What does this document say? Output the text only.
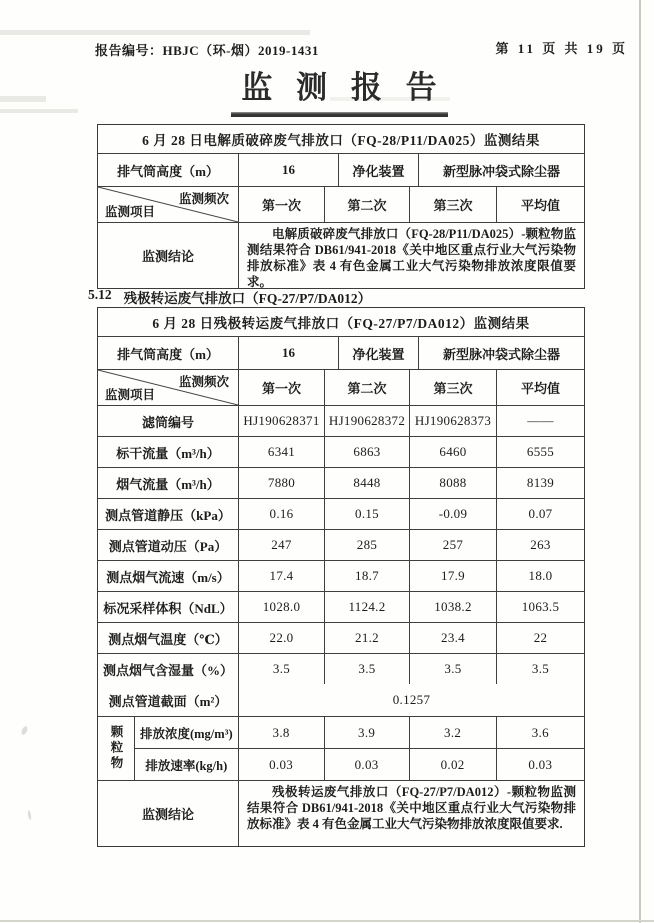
报告编号：HBJC（环-烟）2019-1431	第 11 页 共 19 页
监 测 报 告
6 月 28 日电解质破碎废气排放口（FQ-28/P11/DA025）监测结果
排气筒高度（m）	16	净化装置	新型脉冲袋式除尘器
监测频次
监测项目	第一次	第二次	第三次	平均值
监测结论
电解质破碎废气排放口（FQ-28/P11/DA025）-颗粒物监测结果符合 DB61/941-2018《关中地区重点行业大气污染物排放标准》表 4 有色金属工业大气污染物排放浓度限值要求。
5.12 残极转运废气排放口（FQ-27/P7/DA012）
6 月 28 日残极转运废气排放口（FQ-27/P7/DA012）监测结果
排气筒高度（m）	16	净化装置	新型脉冲袋式除尘器
监测频次
监测项目	第一次	第二次	第三次	平均值
滤筒编号	HJ190628371 HJ190628372 HJ190628373	——
标干流量（m³/h）	6341	6863	6460	6555
烟气流量（m³/h）	7880	8448	8088	8139
测点管道静压（kPa）	0.16	0.15	-0.09	0.07
测点管道动压（Pa）	247	285	257	263
测点烟气流速（m/s）	17.4	18.7	17.9	18.0
标况采样体积（NdL）	1028.0	1124.2	1038.2	1063.5
测点烟气温度（℃）	22.0	21.2	23.4	22
测点烟气含湿量（%）	3.5	3.5	3.5	3.5
测点管道截面（m²）	0.1257
颗粒物	排放浓度(mg/m³)	3.8	3.9	3.2	3.6
排放速率(kg/h)	0.03	0.03	0.02	0.03
监测结论
残极转运废气排放口（FQ-27/P7/DA012）-颗粒物监测结果符合 DB61/941-2018《关中地区重点行业大气污染物排放标准》表 4 有色金属工业大气污染物排放浓度限值要求.
